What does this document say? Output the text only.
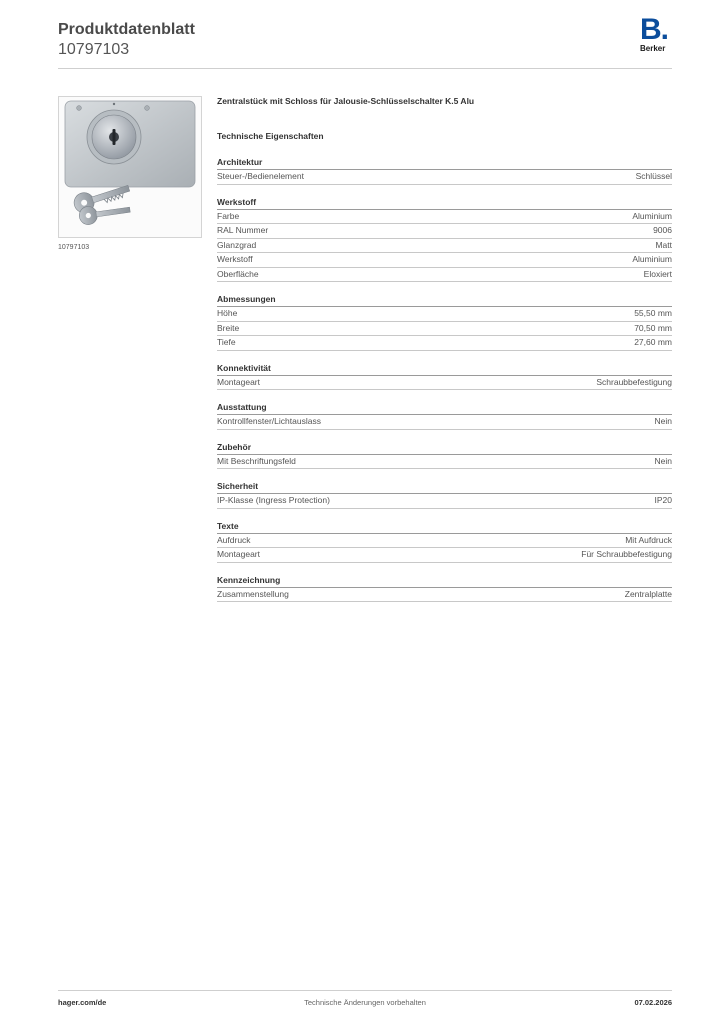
Produktdatenblatt
10797103
B.
Berker
10797103
Zentralstück mit Schloss für Jalousie-Schlüsselschalter K.5 Alu
Technische Eigenschaften
Architektur
Steuer-/Bedienelement	Schlüssel
Werkstoff
Farbe	Aluminium
RAL Nummer	9006
Glanzgrad	Matt
Werkstoff	Aluminium
Oberfläche	Eloxiert
Abmessungen
Höhe	55,50 mm
Breite	70,50 mm
Tiefe	27,60 mm
Konnektivität
Montageart	Schraubbefestigung
Ausstattung
Kontrollfenster/Lichtauslass	Nein
Zubehör
Mit Beschriftungsfeld	Nein
Sicherheit
IP-Klasse (Ingress Protection)	IP20
Texte
Aufdruck	Mit Aufdruck
Montageart	Für Schraubbefestigung
Kennzeichnung
Zusammenstellung	Zentralplatte
hager.com/de	Technische Änderungen vorbehalten	07.02.2026
